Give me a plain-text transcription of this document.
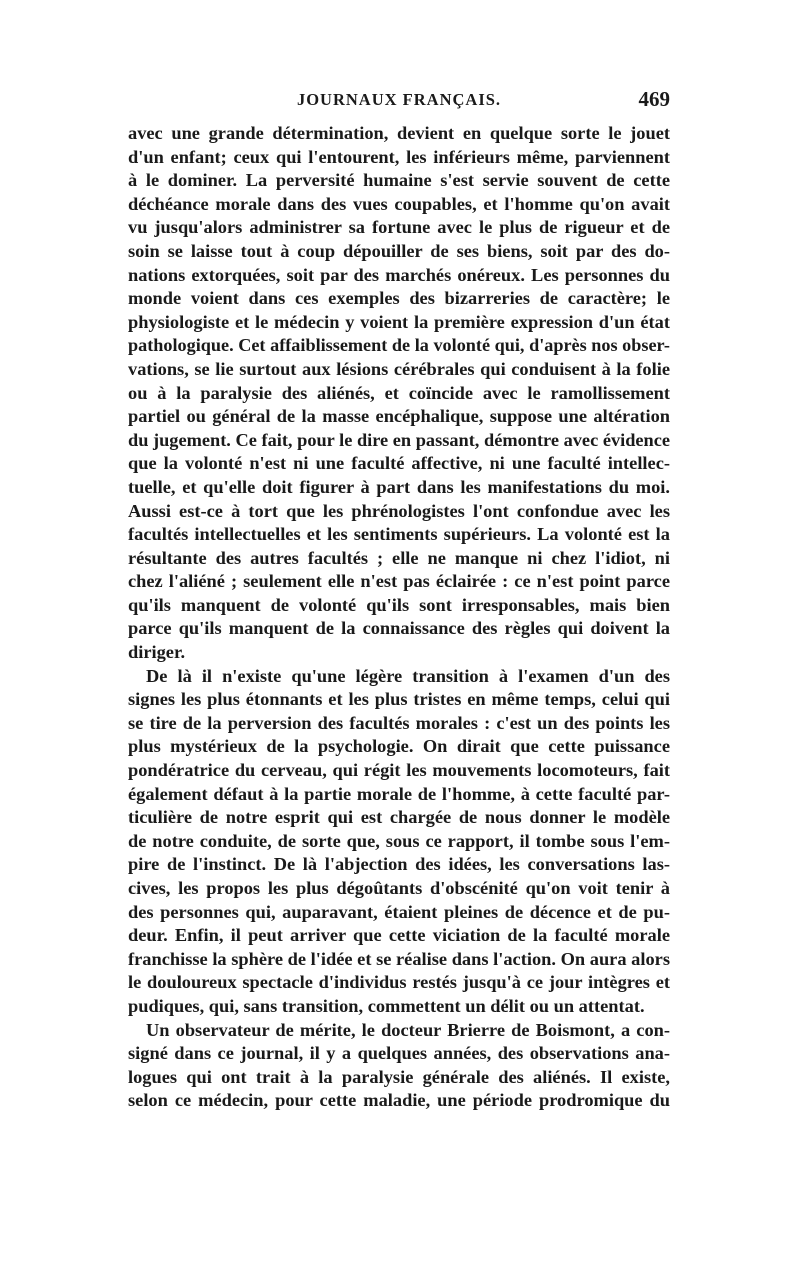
JOURNAUX FRANÇAIS.	469
avec une grande détermination, devient en quelque sorte le jouet
d'un enfant; ceux qui l'entourent, les inférieurs même, parviennent
à le dominer. La perversité humaine s'est servie souvent de cette
déchéance morale dans des vues coupables, et l'homme qu'on avait
vu jusqu'alors administrer sa fortune avec le plus de rigueur et de
soin se laisse tout à coup dépouiller de ses biens, soit par des do-
nations extorquées, soit par des marchés onéreux. Les personnes du
monde voient dans ces exemples des bizarreries de caractère; le
physiologiste et le médecin y voient la première expression d'un état
pathologique. Cet affaiblissement de la volonté qui, d'après nos obser-
vations, se lie surtout aux lésions cérébrales qui conduisent à la folie
ou à la paralysie des aliénés, et coïncide avec le ramollissement
partiel ou général de la masse encéphalique, suppose une altération
du jugement. Ce fait, pour le dire en passant, démontre avec évidence
que la volonté n'est ni une faculté affective, ni une faculté intellec-
tuelle, et qu'elle doit figurer à part dans les manifestations du moi.
Aussi est-ce à tort que les phrénologistes l'ont confondue avec les
facultés intellectuelles et les sentiments supérieurs. La volonté est la
résultante des autres facultés ; elle ne manque ni chez l'idiot, ni
chez l'aliéné ; seulement elle n'est pas éclairée : ce n'est point parce
qu'ils manquent de volonté qu'ils sont irresponsables, mais bien
parce qu'ils manquent de la connaissance des règles qui doivent la
diriger.
De là il n'existe qu'une légère transition à l'examen d'un des
signes les plus étonnants et les plus tristes en même temps, celui qui
se tire de la perversion des facultés morales : c'est un des points les
plus mystérieux de la psychologie. On dirait que cette puissance
pondératrice du cerveau, qui régit les mouvements locomoteurs, fait
également défaut à la partie morale de l'homme, à cette faculté par-
ticulière de notre esprit qui est chargée de nous donner le modèle
de notre conduite, de sorte que, sous ce rapport, il tombe sous l'em-
pire de l'instinct. De là l'abjection des idées, les conversations las-
cives, les propos les plus dégoûtants d'obscénité qu'on voit tenir à
des personnes qui, auparavant, étaient pleines de décence et de pu-
deur. Enfin, il peut arriver que cette viciation de la faculté morale
franchisse la sphère de l'idée et se réalise dans l'action. On aura alors
le douloureux spectacle d'individus restés jusqu'à ce jour intègres et
pudiques, qui, sans transition, commettent un délit ou un attentat.
Un observateur de mérite, le docteur Brierre de Boismont, a con-
signé dans ce journal, il y a quelques années, des observations ana-
logues qui ont trait à la paralysie générale des aliénés. Il existe,
selon ce médecin, pour cette maladie, une période prodromique du
